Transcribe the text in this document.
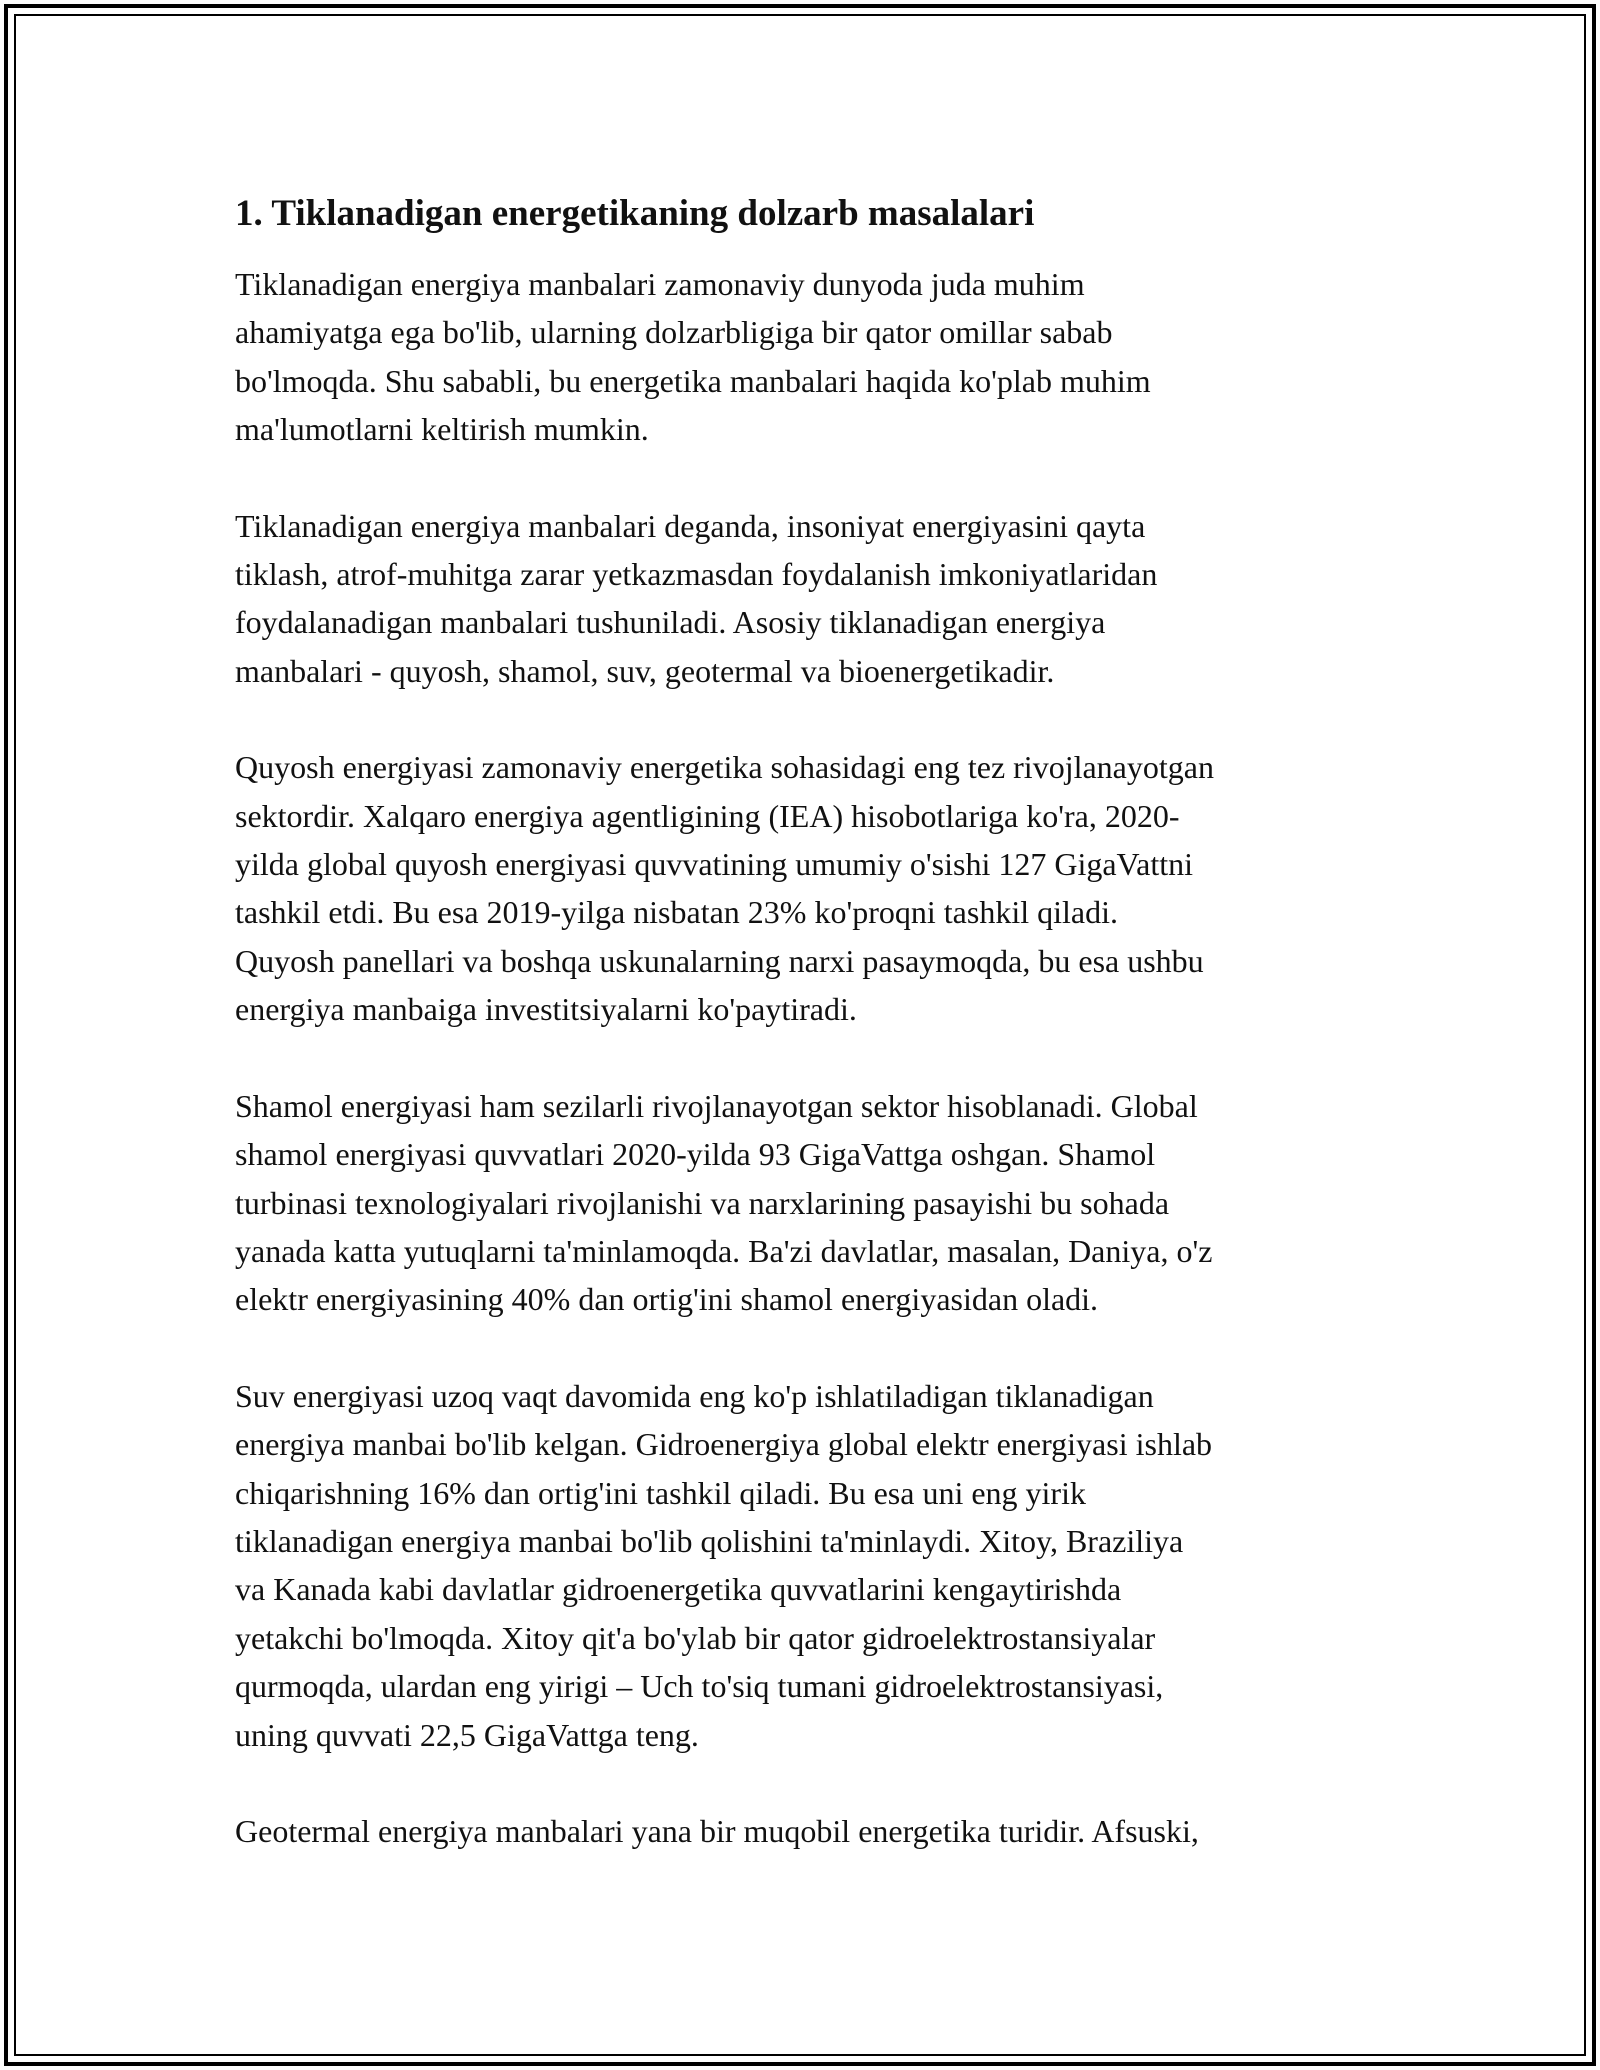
1. Tiklanadigan energetikaning dolzarb masalalari

Tiklanadigan energiya manbalari zamonaviy dunyoda juda muhim
ahamiyatga ega bo'lib, ularning dolzarbligiga bir qator omillar sabab
bo'lmoqda. Shu sababli, bu energetika manbalari haqida ko'plab muhim
ma'lumotlarni keltirish mumkin.

Tiklanadigan energiya manbalari deganda, insoniyat energiyasini qayta
tiklash, atrof-muhitga zarar yetkazmasdan foydalanish imkoniyatlaridan
foydalanadigan manbalari tushuniladi. Asosiy tiklanadigan energiya
manbalari - quyosh, shamol, suv, geotermal va bioenergetikadir.

Quyosh energiyasi zamonaviy energetika sohasidagi eng tez rivojlanayotgan
sektordir. Xalqaro energiya agentligining (IEA) hisobotlariga ko'ra, 2020-
yilda global quyosh energiyasi quvvatining umumiy o'sishi 127 GigaVattni
tashkil etdi. Bu esa 2019-yilga nisbatan 23% ko'proqni tashkil qiladi.
Quyosh panellari va boshqa uskunalarning narxi pasaymoqda, bu esa ushbu
energiya manbaiga investitsiyalarni ko'paytiradi.

Shamol energiyasi ham sezilarli rivojlanayotgan sektor hisoblanadi. Global
shamol energiyasi quvvatlari 2020-yilda 93 GigaVattga oshgan. Shamol
turbinasi texnologiyalari rivojlanishi va narxlarining pasayishi bu sohada
yanada katta yutuqlarni ta'minlamoqda. Ba'zi davlatlar, masalan, Daniya, o'z
elektr energiyasining 40% dan ortig'ini shamol energiyasidan oladi.

Suv energiyasi uzoq vaqt davomida eng ko'p ishlatiladigan tiklanadigan
energiya manbai bo'lib kelgan. Gidroenergiya global elektr energiyasi ishlab
chiqarishning 16% dan ortig'ini tashkil qiladi. Bu esa uni eng yirik
tiklanadigan energiya manbai bo'lib qolishini ta'minlaydi. Xitoy, Braziliya
va Kanada kabi davlatlar gidroenergetika quvvatlarini kengaytirishda
yetakchi bo'lmoqda. Xitoy qit'a bo'ylab bir qator gidroelektrostansiyalar
qurmoqda, ulardan eng yirigi – Uch to'siq tumani gidroelektrostansiyasi,
uning quvvati 22,5 GigaVattga teng.

Geotermal energiya manbalari yana bir muqobil energetika turidir. Afsuski,
